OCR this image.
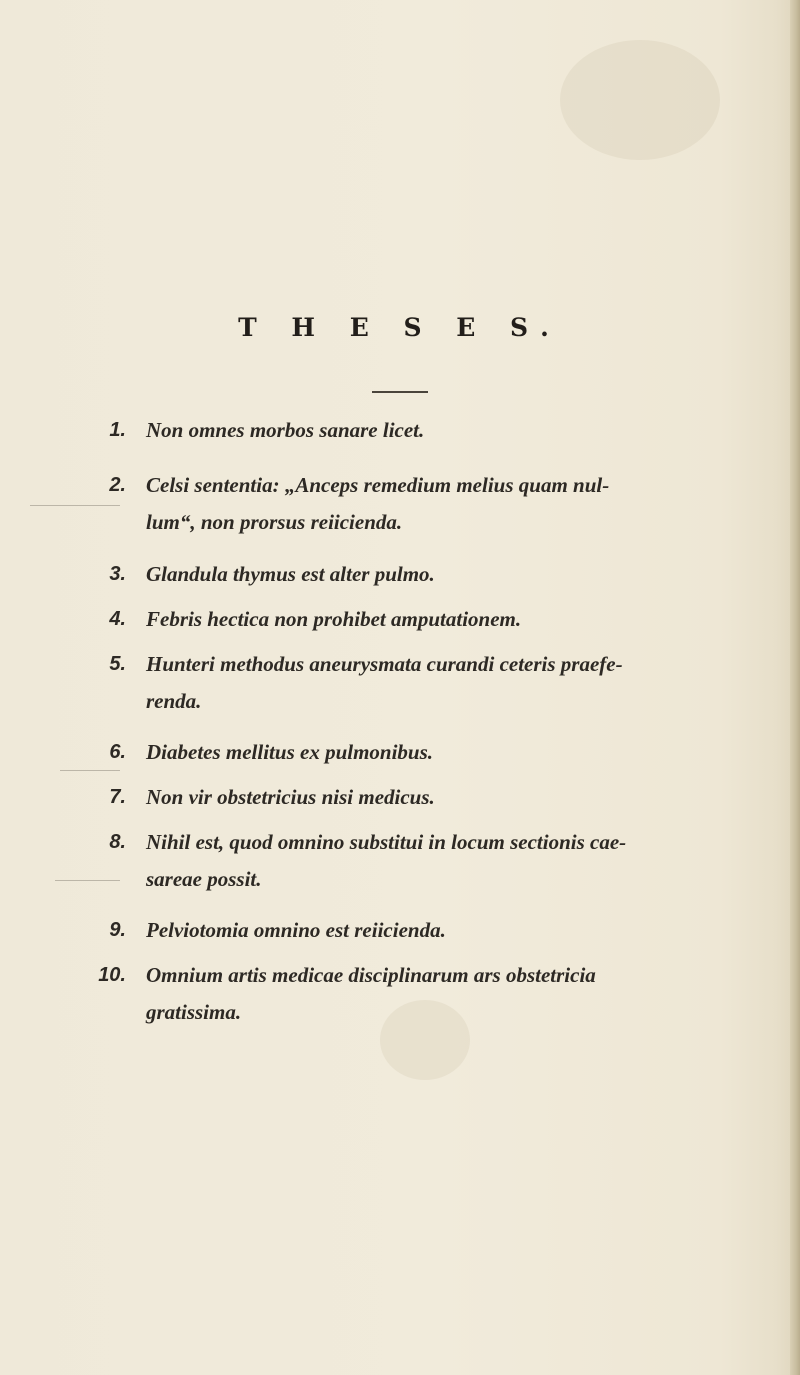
T H E S E S.
1. Non omnes morbos sanare licet.
2. Celsi sententia: „Anceps remedium melius quam nul-
lum“, non prorsus reiicienda.
3. Glandula thymus est alter pulmo.
4. Febris hectica non prohibet amputationem.
5. Hunteri methodus aneurysmata curandi ceteris praefe-
renda.
6. Diabetes mellitus ex pulmonibus.
7. Non vir obstetricius nisi medicus.
8. Nihil est, quod omnino substitui in locum sectionis cae-
sareae possit.
9. Pelviotomia omnino est reiicienda.
10. Omnium artis medicae disciplinarum ars obstetricia
gratissima.
